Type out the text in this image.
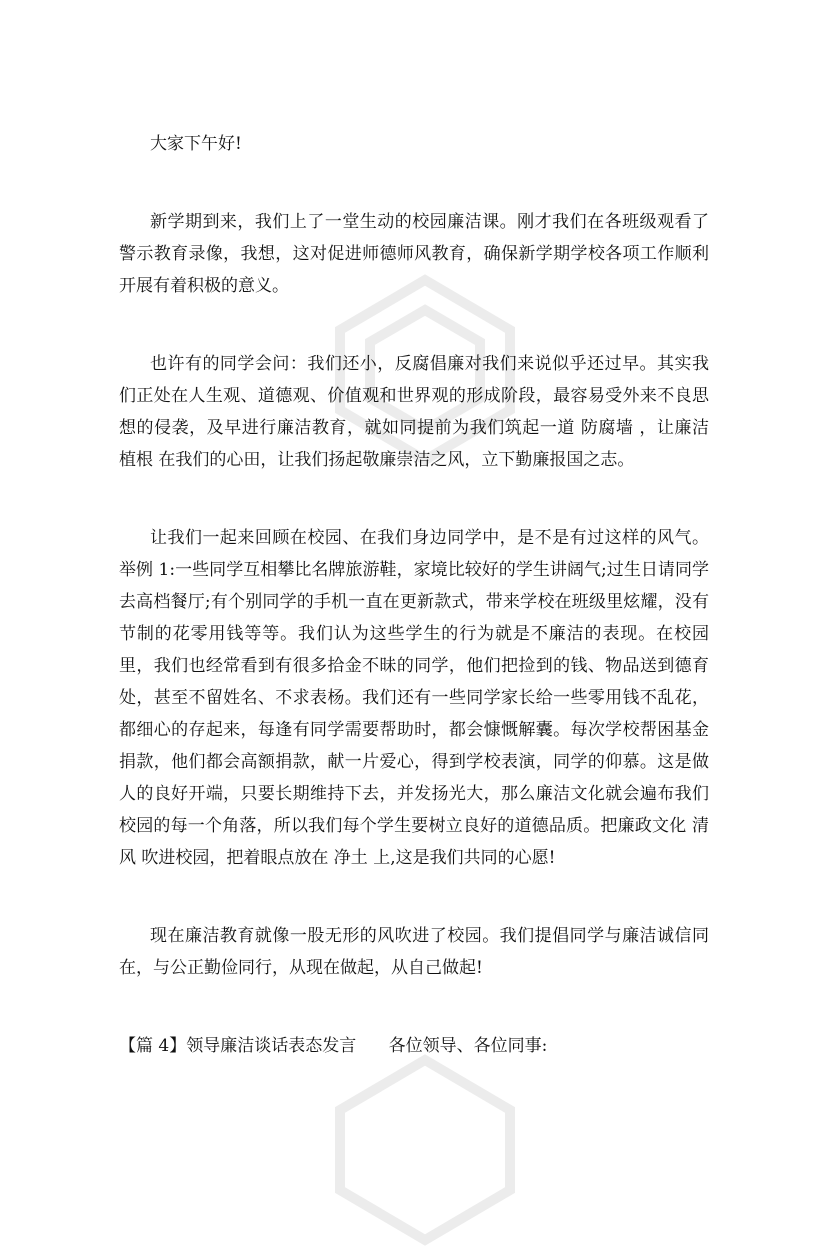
大家下午好!

新学期到来，我们上了一堂生动的校园廉洁课。刚才我们在各班级观看了警示教育录像，我想，这对促进师德师风教育，确保新学期学校各项工作顺利开展有着积极的意义。

也许有的同学会问：我们还小，反腐倡廉对我们来说似乎还过早。其实我们正处在人生观、道德观、价值观和世界观的形成阶段，最容易受外来不良思想的侵袭，及早进行廉洁教育，就如同提前为我们筑起一道 防腐墙 ，让廉洁 植根 在我们的心田，让我们扬起敬廉崇洁之风，立下勤廉报国之志。

让我们一起来回顾在校园、在我们身边同学中，是不是有过这样的风气。举例 1:一些同学互相攀比名牌旅游鞋，家境比较好的学生讲阔气;过生日请同学去高档餐厅;有个别同学的手机一直在更新款式，带来学校在班级里炫耀，没有节制的花零用钱等等。我们认为这些学生的行为就是不廉洁的表现。在校园里，我们也经常看到有很多拾金不昧的同学，他们把捡到的钱、物品送到德育处，甚至不留姓名、不求表杨。我们还有一些同学家长给一些零用钱不乱花，都细心的存起来，每逢有同学需要帮助时，都会慷慨解囊。每次学校帮困基金捐款，他们都会高额捐款，献一片爱心，得到学校表演，同学的仰慕。这是做人的良好开端，只要长期维持下去，并发扬光大，那么廉洁文化就会遍布我们校园的每一个角落，所以我们每个学生要树立良好的道德品质。把廉政文化 清风 吹进校园，把着眼点放在 净土 上,这是我们共同的心愿!

现在廉洁教育就像一股无形的风吹进了校园。我们提倡同学与廉洁诚信同在，与公正勤俭同行，从现在做起，从自己做起!

【篇 4】领导廉洁谈话表态发言      各位领导、各位同事:
